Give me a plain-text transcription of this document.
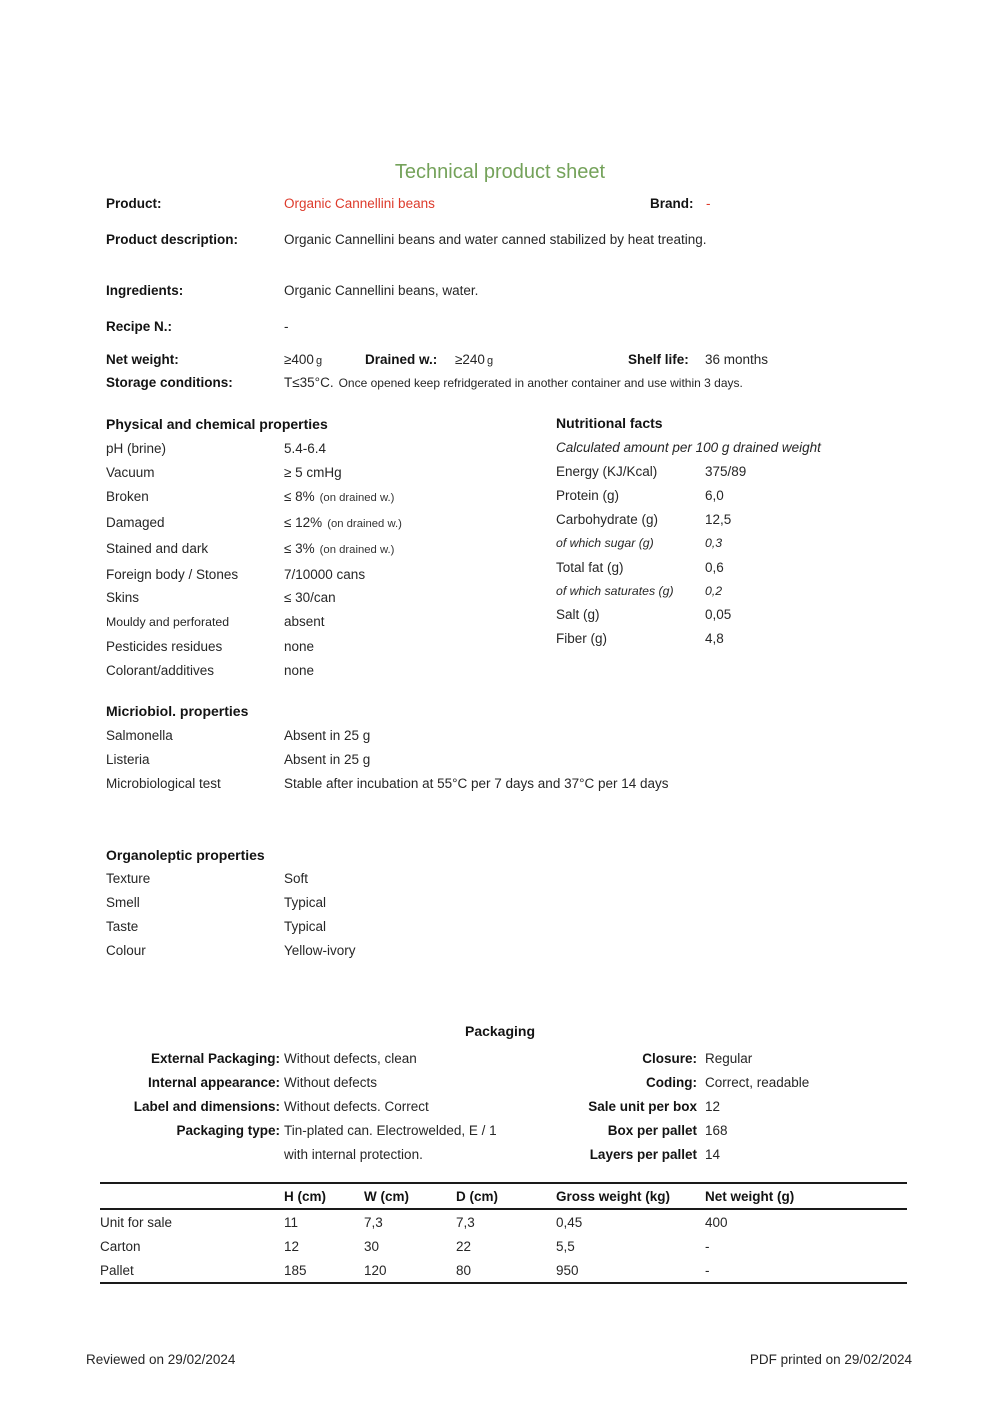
Technical product sheet
Product:	Organic Cannellini beans	Brand: -
Product description:	Organic Cannellini beans and water canned stabilized by heat treating.
Ingredients:	Organic Cannellini beans, water.
Recipe N.:	-
Net weight:	≥400 g	Drained w.: ≥240 g	Shelf life: 36 months
Storage conditions:	T≤35°C. Once opened keep refridgerated in another container and use within 3 days.
Physical and chemical properties
pH (brine)	5.4-6.4
Vacuum	≥ 5 cmHg
Broken	≤ 8% (on drained w.)
Damaged	≤ 12% (on drained w.)
Stained and dark	≤ 3% (on drained w.)
Foreign body / Stones	7/10000 cans
Skins	≤ 30/can
Mouldy and perforated	absent
Pesticides residues	none
Colorant/additives	none
Nutritional facts
Calculated amount per 100 g drained weight
Energy (KJ/Kcal)	375/89
Protein (g)	6,0
Carbohydrate (g)	12,5
of which sugar (g)	0,3
Total fat (g)	0,6
of which saturates (g)	0,2
Salt (g)	0,05
Fiber (g)	4,8
Micriobiol. properties
Salmonella	Absent in 25 g
Listeria	Absent in 25 g
Microbiological test	Stable after incubation at 55°C per 7 days and 37°C per 14 days
Organoleptic properties
Texture	Soft
Smell	Typical
Taste	Typical
Colour	Yellow-ivory
Packaging
External Packaging: Without defects, clean
Internal appearance: Without defects
Label and dimensions: Without defects. Correct
Packaging type: Tin-plated can. Electrowelded, E / 1
with internal protection.
Closure: Regular
Coding: Correct, readable
Sale unit per box 12
Box per pallet 168
Layers per pallet 14
	H (cm)	W (cm)	D (cm)	Gross weight (kg)	Net weight (g)
Unit for sale	11	7,3	7,3	0,45	400
Carton	12	30	22	5,5	-
Pallet	185	120	80	950	-
Reviewed on 29/02/2024	PDF printed on 29/02/2024
